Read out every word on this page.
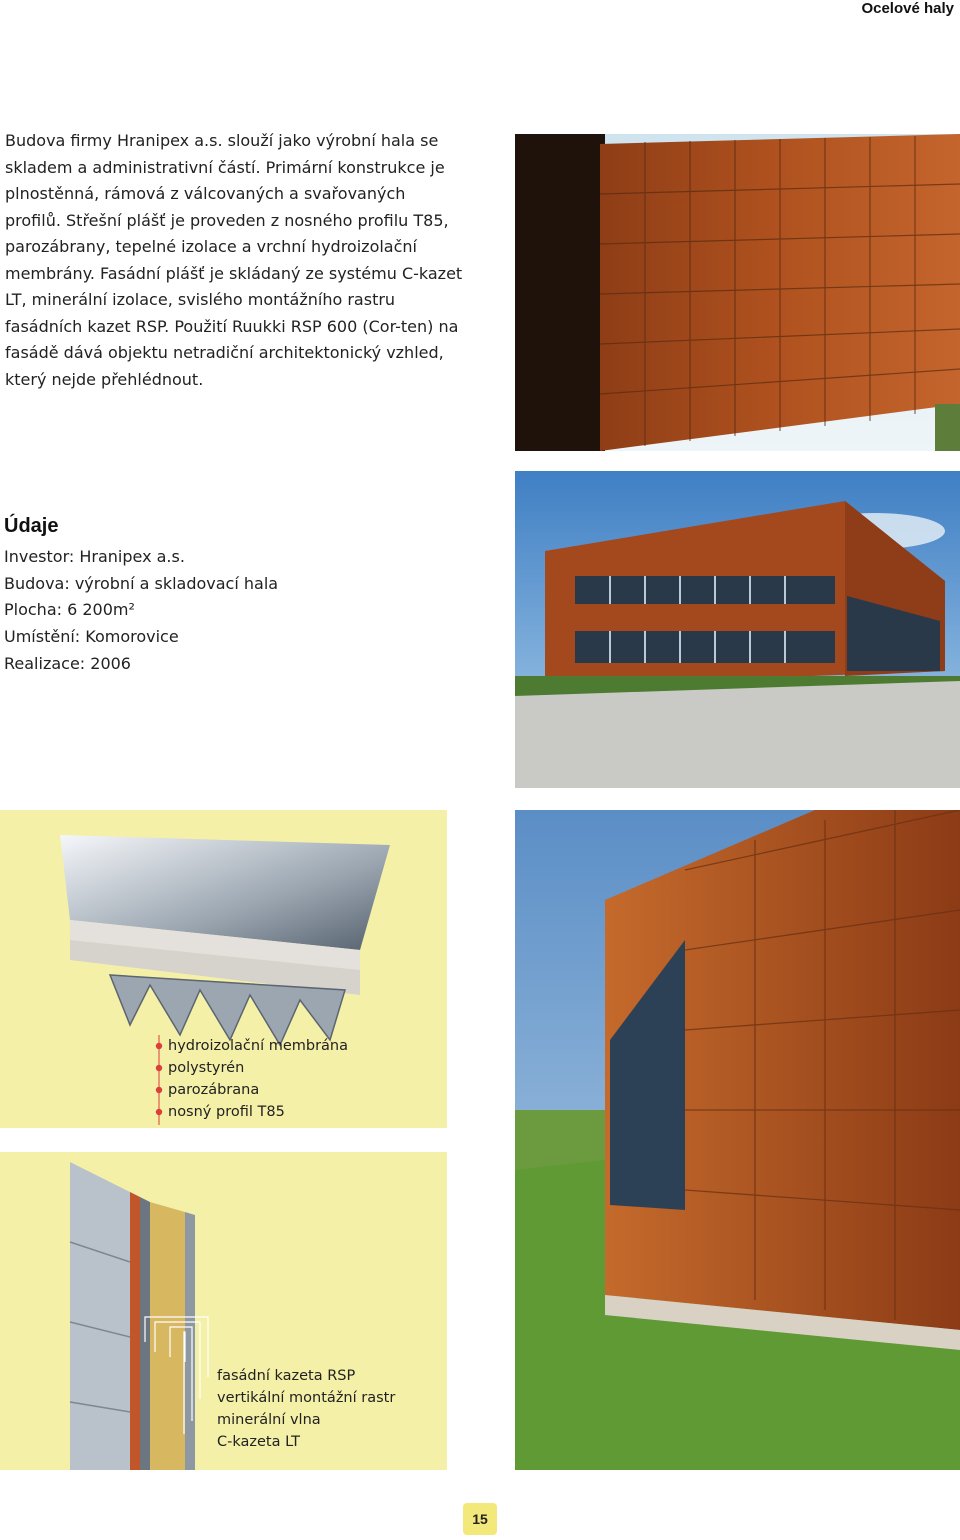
Ocelové haly
Budova firmy Hranipex a.s. slouží jako výrobní hala se skladem a administrativní částí. Primární konstrukce je plnostěnná, rámová z válcovaných a svařovaných profilů. Střešní plášť je proveden z nosného profilu T85, parozábrany, tepelné izolace a vrchní hydroizolační membrány. Fasádní plášť je skládaný ze systému C-kazet LT, minerální izolace, svislého montážního rastru fasádních kazet RSP. Použití Ruukki RSP 600 (Cor-ten) na fasádě dává objektu netradiční architektonický vzhled, který nejde přehlédnout.
hydroizolační membrána
polystyrén
parozábrana
nosný profil T85
fasádní kazeta RSP
vertikální montážní rastr
minerální vlna
C-kazeta LT
Údaje
Investor: Hranipex a.s.
Budova: výrobní a skladovací hala
Plocha: 6 200m²
Umístění: Komorovice
Realizace: 2006
15
